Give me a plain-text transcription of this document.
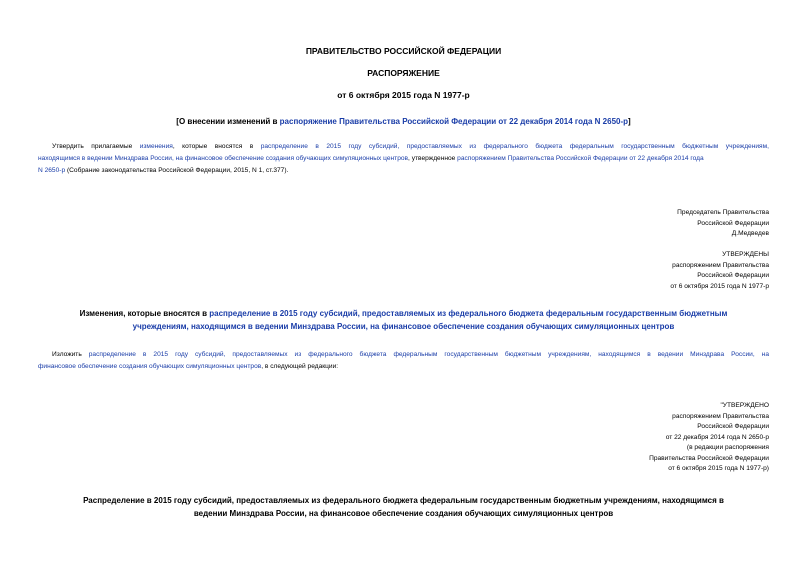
ПРАВИТЕЛЬСТВО РОССИЙСКОЙ ФЕДЕРАЦИИ
РАСПОРЯЖЕНИЕ
от 6 октября 2015 года N 1977-р
[О внесении изменений в распоряжение Правительства Российской Федерации от 22 декабря 2014 года N 2650-р]
Утвердить прилагаемые изменения, которые вносятся в распределение в 2015 году субсидий, предоставляемых из федерального бюджета федеральным государственным бюджетным учреждениям,
находящимся в ведении Минздрава России, на финансовое обеспечение создания обучающих симуляционных центров, утвержденное распоряжением Правительства Российской Федерации от 22 декабря 2014 года
N 2650-р (Собрание законодательства Российской Федерации, 2015, N 1, ст.377).
Председатель Правительства
Российской Федерации
Д.Медведев
УТВЕРЖДЕНЫ
распоряжением Правительства
Российской Федерации
от 6 октября 2015 года N 1977-р
Изменения, которые вносятся в распределение в 2015 году субсидий, предоставляемых из федерального бюджета федеральным государственным бюджетным
учреждениям, находящимся в ведении Минздрава России, на финансовое обеспечение создания обучающих симуляционных центров
Изложить распределение в 2015 году субсидий, предоставляемых из федерального бюджета федеральным государственным бюджетным учреждениям, находящимся в ведении Минздрава России, на
финансовое обеспечение создания обучающих симуляционных центров, в следующей редакции:
"УТВЕРЖДЕНО
распоряжением Правительства
Российской Федерации
от 22 декабря 2014 года N 2650-р
(в редакции распоряжения
Правительства Российской Федерации
от 6 октября 2015 года N 1977-р)
Распределение в 2015 году субсидий, предоставляемых из федерального бюджета федеральным государственным бюджетным учреждениям, находящимся в
ведении Минздрава России, на финансовое обеспечение создания обучающих симуляционных центров
